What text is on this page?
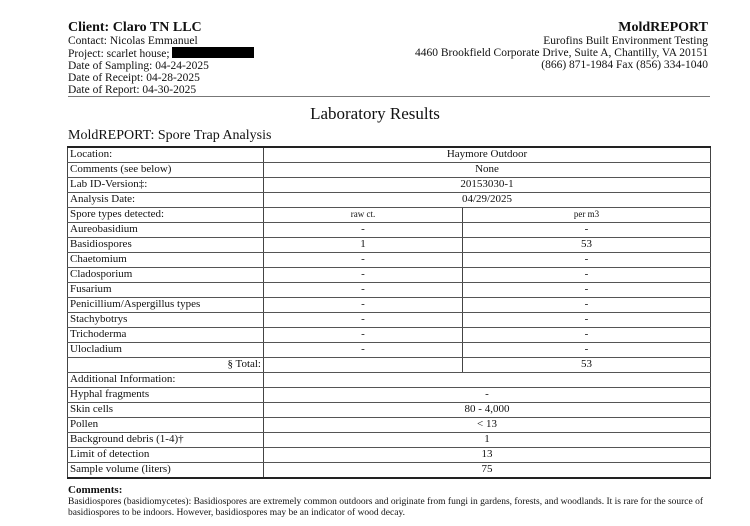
Client: Claro TN LLC
Contact: Nicolas Emmanuel
Project: scarlet house;
Date of Sampling: 04-24-2025
Date of Receipt: 04-28-2025
Date of Report: 04-30-2025
MoldREPORT
Eurofins Built Environment Testing
4460 Brookfield Corporate Drive, Suite A, Chantilly, VA 20151
(866) 871-1984 Fax (856) 334-1040
Laboratory Results
MoldREPORT: Spore Trap Analysis
Location:	Haymore Outdoor	
Comments (see below)	None	
Lab ID-Version‡:	20153030-1	
Analysis Date:	04/29/2025	
Spore types detected:	raw ct.	per m3
Aureobasidium	-	-
Basidiospores	1	53
Chaetomium	-	-
Cladosporium	-	-
Fusarium	-	-
Penicillium/Aspergillus types	-	-
Stachybotrys	-	-
Trichoderma	-	-
Ulocladium	-	-
§ Total:		53
Additional Information:		
Hyphal fragments	-	
Skin cells	80 - 4,000	
Pollen	< 13	
Background debris (1-4)†	1	
Limit of detection	13	
Sample volume (liters)	75	
Comments:
Basidiospores (basidiomycetes): Basidiospores are extremely common outdoors and originate from fungi in gardens, forests, and woodlands. It is rare for the source of basidiospores to be indoors. However, basidiospores may be an indicator of wood decay.
